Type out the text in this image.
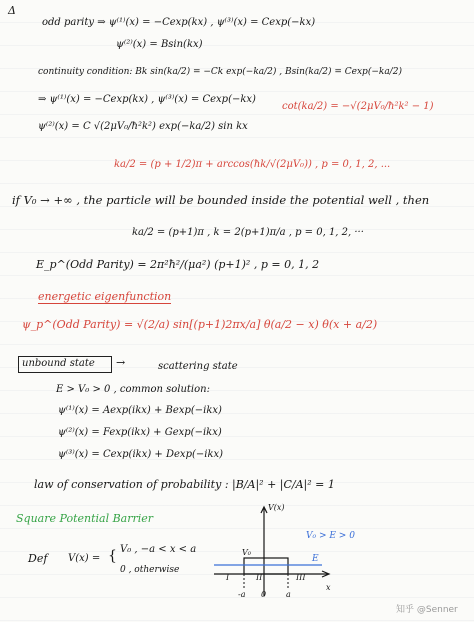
Δ
odd parity ⇒ ψ⁽¹⁾(x) = −Cexp(kx) , ψ⁽³⁾(x) = Cexp(−kx)
ψ⁽²⁾(x) = Bsin(kx)
continuity condition: Bk sin(ka/2) = −Ck exp(−ka/2) , Bsin(ka/2) = Cexp(−ka/2)
⇒ ψ⁽¹⁾(x) = −Cexp(kx) , ψ⁽³⁾(x) = Cexp(−kx)
cot(ka/2) = −√(2μV₀/ħ²k² − 1)
ψ⁽²⁾(x) = C √(2μV₀/ħ²k²) exp(−ka/2) sin kx
ka/2 = (p + 1/2)π + arccos(ħk/√(2μV₀)) , p = 0, 1, 2, ...
if V₀ → +∞ , the particle will be bounded inside the potential well , then
ka/2 = (p+1)π , k = 2(p+1)π/a , p = 0, 1, 2, ···
E_p^(Odd Parity) = 2π²ħ²/(μa²) (p+1)² , p = 0, 1, 2
energetic eigenfunction
ψ_p^(Odd Parity) = √(2/a) sin[(p+1)2πx/a] θ(a/2 − x) θ(x + a/2)
unbound state →	scattering state
E > V₀ > 0 , common solution:
ψ⁽¹⁾(x) = Aexp(ikx) + Bexp(−ikx)
ψ⁽²⁾(x) = Fexp(ikx) + Gexp(−ikx)
ψ⁽³⁾(x) = Cexp(ikx) + Dexp(−ikx)
law of conservation of probability : |B/A|² + |C/A|² = 1
Square Potential Barrier
Def V(x) = { V₀ , −a < x < a
0 , otherwise
E
V₀
V(x)
x
I	II	III
-a 0 a
V₀ > E > 0
知乎 @Senner
